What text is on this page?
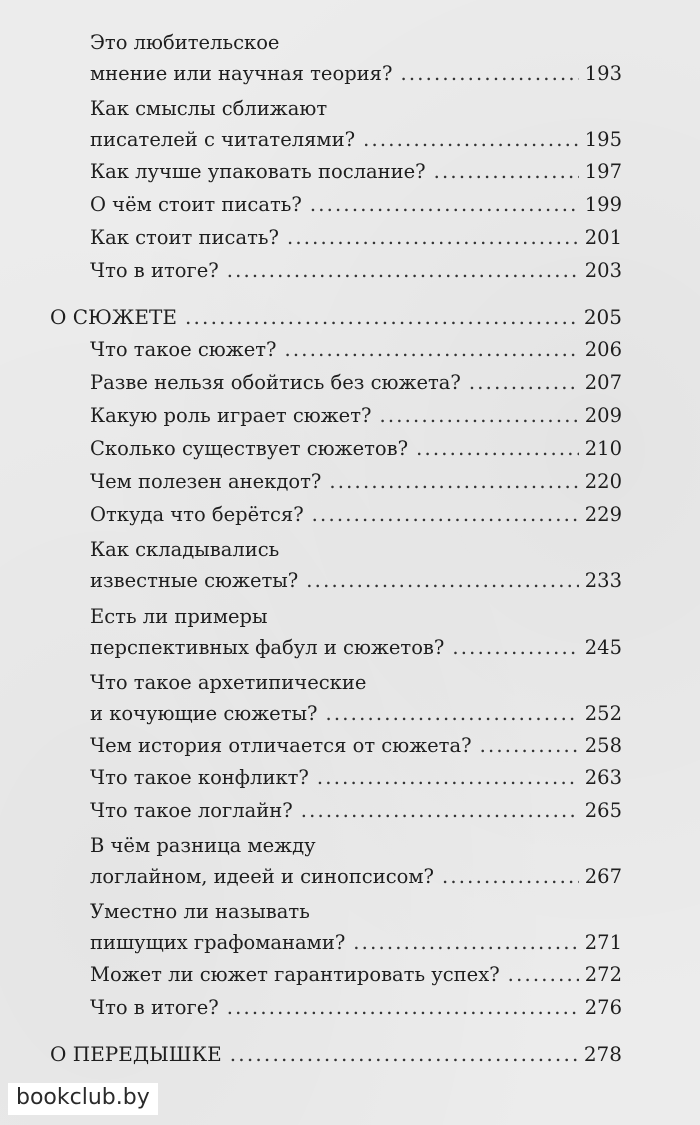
Это любительское
мнение или научная теория? .....	193
Как смыслы сближают
писателей с читателями? .....	195
Как лучше упаковать послание? .....	197
О чём стоит писать? .....	199
Как стоит писать? .....	201
Что в итоге? .....	203
О СЮЖЕТЕ .....	205
Что такое сюжет? .....	206
Разве нельзя обойтись без сюжета? .....	207
Какую роль играет сюжет? .....	209
Сколько существует сюжетов? .....	210
Чем полезен анекдот? .....	220
Откуда что берётся? .....	229
Как складывались
известные сюжеты? .....	233
Есть ли примеры
перспективных фабул и сюжетов? .....	245
Что такое архетипические
и кочующие сюжеты? .....	252
Чем история отличается от сюжета? .....	258
Что такое конфликт? .....	263
Что такое логлайн? .....	265
В чём разница между
логлайном, идеей и синопсисом? .....	267
Уместно ли называть
пишущих графоманами? .....	271
Может ли сюжет гарантировать успех? .....	272
Что в итоге? .....	276
О ПЕРЕДЫШКЕ .....	278
bookclub.by
